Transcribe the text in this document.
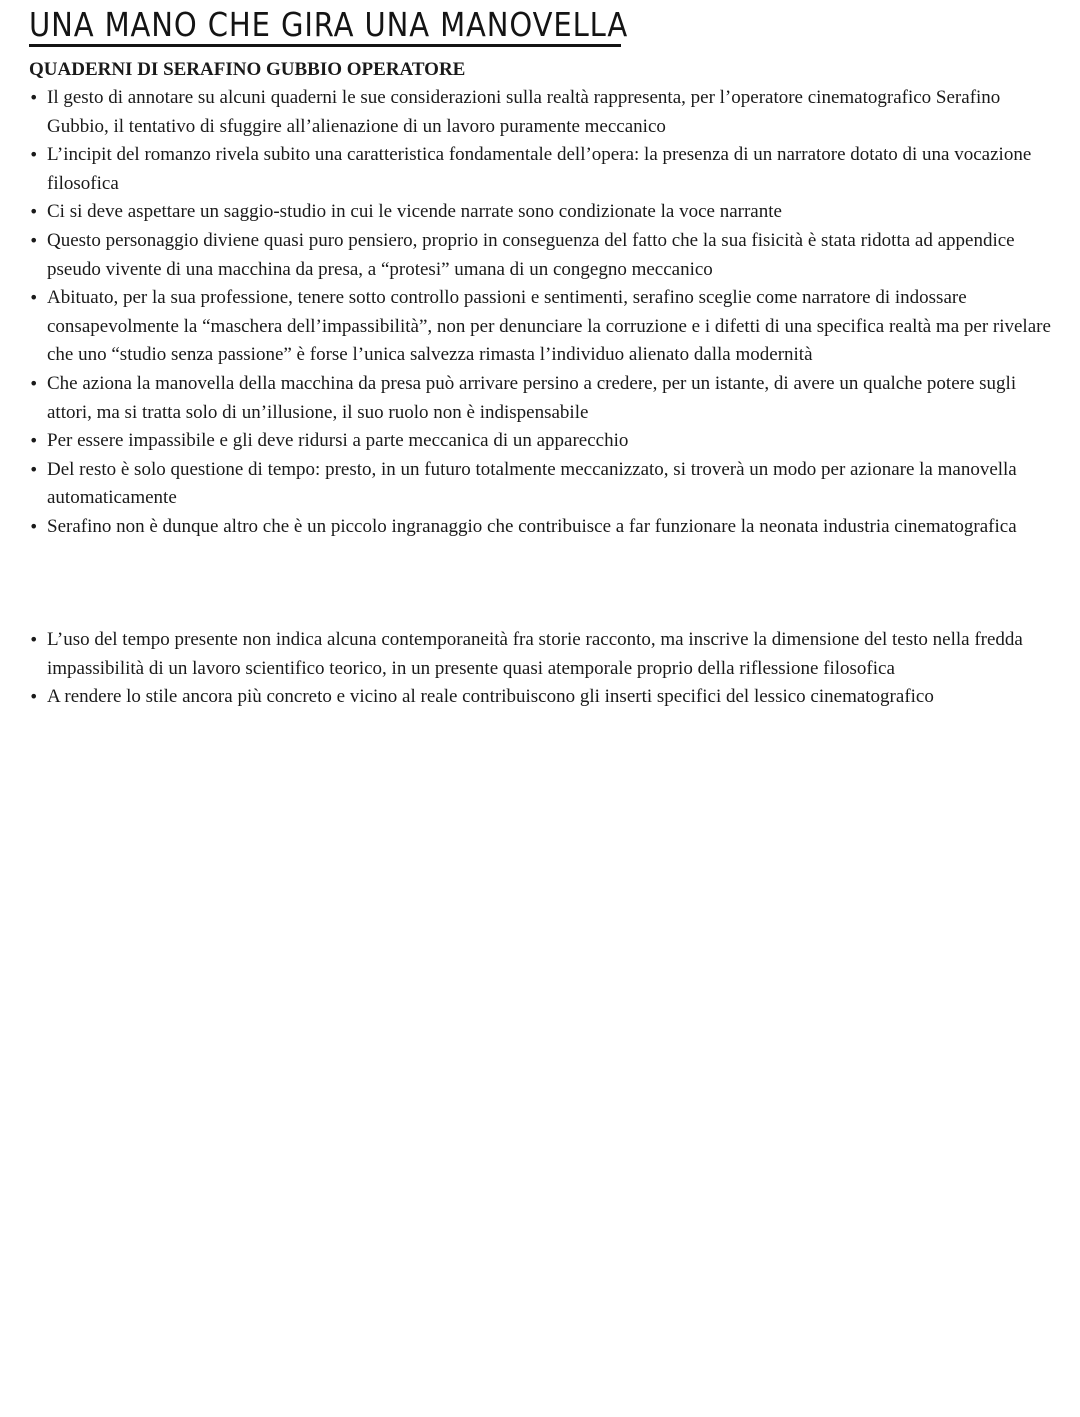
UNA MANO CHE GIRA UNA MANOVELLA
QUADERNI DI SERAFINO GUBBIO OPERATORE
• Il gesto di annotare su alcuni quaderni le sue considerazioni sulla realtà rappresenta, per l’operatore cinematografico Serafino Gubbio, il tentativo di sfuggire all’alienazione di un lavoro puramente meccanico
• L’incipit del romanzo rivela subito una caratteristica fondamentale dell’opera: la presenza di un narratore dotato di una vocazione filosofica
• Ci si deve aspettare un saggio-studio in cui le vicende narrate sono condizionate la voce narrante
• Questo personaggio diviene quasi puro pensiero, proprio in conseguenza del fatto che la sua fisicità è stata ridotta ad appendice pseudo vivente di una macchina da presa, a “protesi” umana di un congegno meccanico
• Abituato, per la sua professione, tenere sotto controllo passioni e sentimenti, serafino sceglie come narratore di indossare consapevolmente la “maschera dell’impassibilità”, non per denunciare la corruzione e i difetti di una specifica realtà ma per rivelare che uno “studio senza passione” è forse l’unica salvezza rimasta l’individuo alienato dalla modernità
• Che aziona la manovella della macchina da presa può arrivare persino a credere, per un istante, di avere un qualche potere sugli attori, ma si tratta solo di un’illusione, il suo ruolo non è indispensabile
• Per essere impassibile e gli deve ridursi a parte meccanica di un apparecchio
• Del resto è solo questione di tempo: presto, in un futuro totalmente meccanizzato, si troverà un modo per azionare la manovella automaticamente
• Serafino non è dunque altro che è un piccolo ingranaggio che contribuisce a far funzionare la neonata industria cinematografica
• L’uso del tempo presente non indica alcuna contemporaneità fra storie racconto, ma inscrive la dimensione del testo nella fredda impassibilità di un lavoro scientifico teorico, in un presente quasi atemporale proprio della riflessione filosofica
• A rendere lo stile ancora più concreto e vicino al reale contribuiscono gli inserti specifici del lessico cinematografico
